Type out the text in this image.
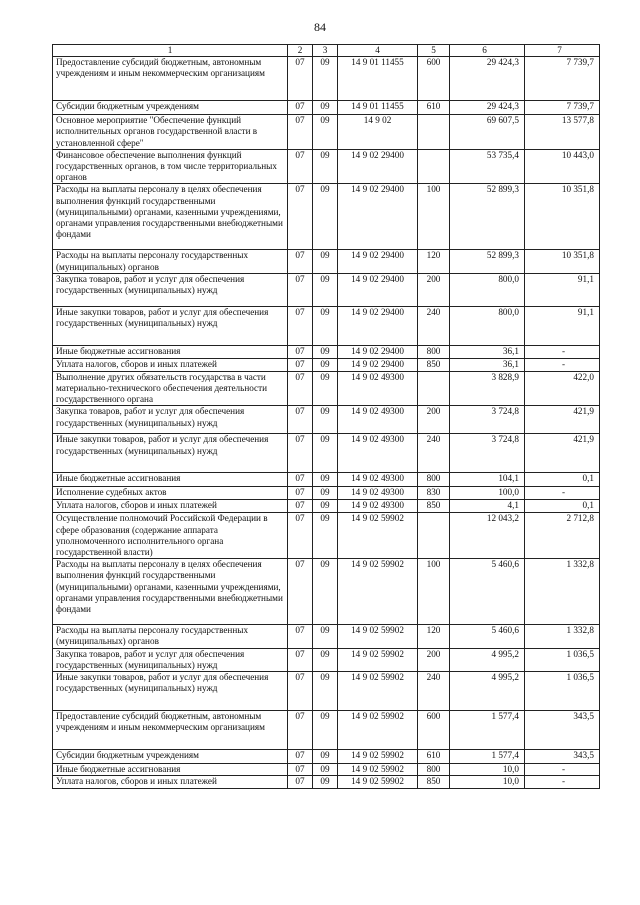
84
1	2	3	4	5	6	7
Предоставление субсидий бюджетным, автономным учреждениям и иным некоммерческим организациям	07	09	14 9 01 11455	600	29 424,3	7 739,7
Субсидии бюджетным учреждениям	07	09	14 9 01 11455	610	29 424,3	7 739,7
Основное мероприятие "Обеспечение функций исполнительных органов государственной власти в установленной сфере"	07	09	14 9 02		69 607,5	13 577,8
Финансовое обеспечение выполнения функций государственных органов, в том числе территориальных органов	07	09	14 9 02 29400		53 735,4	10 443,0
Расходы на выплаты персоналу в целях обеспечения выполнения функций государственными (муниципальными) органами, казенными учреждениями, органами управления государственными внебюджетными фондами	07	09	14 9 02 29400	100	52 899,3	10 351,8
Расходы на выплаты персоналу государственных (муниципальных) органов	07	09	14 9 02 29400	120	52 899,3	10 351,8
Закупка товаров, работ и услуг для обеспечения государственных (муниципальных) нужд	07	09	14 9 02 29400	200	800,0	91,1
Иные закупки товаров, работ и услуг для обеспечения государственных (муниципальных) нужд	07	09	14 9 02 29400	240	800,0	91,1
Иные бюджетные ассигнования	07	09	14 9 02 29400	800	36,1	-
Уплата налогов, сборов и иных платежей	07	09	14 9 02 29400	850	36,1	-
Выполнение других обязательств государства в части материально-технического обеспечения деятельности государственного органа	07	09	14 9 02 49300		3 828,9	422,0
Закупка товаров, работ и услуг для обеспечения государственных (муниципальных) нужд	07	09	14 9 02 49300	200	3 724,8	421,9
Иные закупки товаров, работ и услуг для обеспечения государственных (муниципальных) нужд	07	09	14 9 02 49300	240	3 724,8	421,9
Иные бюджетные ассигнования	07	09	14 9 02 49300	800	104,1	0,1
Исполнение судебных актов	07	09	14 9 02 49300	830	100,0	-
Уплата налогов, сборов и иных платежей	07	09	14 9 02 49300	850	4,1	0,1
Осуществление полномочий Российской Федерации в сфере образования (содержание аппарата уполномоченного исполнительного органа государственной власти)	07	09	14 9 02 59902		12 043,2	2 712,8
Расходы на выплаты персоналу в целях обеспечения выполнения функций государственными (муниципальными) органами, казенными учреждениями, органами управления государственными внебюджетными фондами	07	09	14 9 02 59902	100	5 460,6	1 332,8
Расходы на выплаты персоналу государственных (муниципальных) органов	07	09	14 9 02 59902	120	5 460,6	1 332,8
Закупка товаров, работ и услуг для обеспечения государственных (муниципальных) нужд	07	09	14 9 02 59902	200	4 995,2	1 036,5
Иные закупки товаров, работ и услуг для обеспечения государственных (муниципальных) нужд	07	09	14 9 02 59902	240	4 995,2	1 036,5
Предоставление субсидий бюджетным, автономным учреждениям и иным некоммерческим организациям	07	09	14 9 02 59902	600	1 577,4	343,5
Субсидии бюджетным учреждениям	07	09	14 9 02 59902	610	1 577,4	343,5
Иные бюджетные ассигнования	07	09	14 9 02 59902	800	10,0	-
Уплата налогов, сборов и иных платежей	07	09	14 9 02 59902	850	10,0	-
